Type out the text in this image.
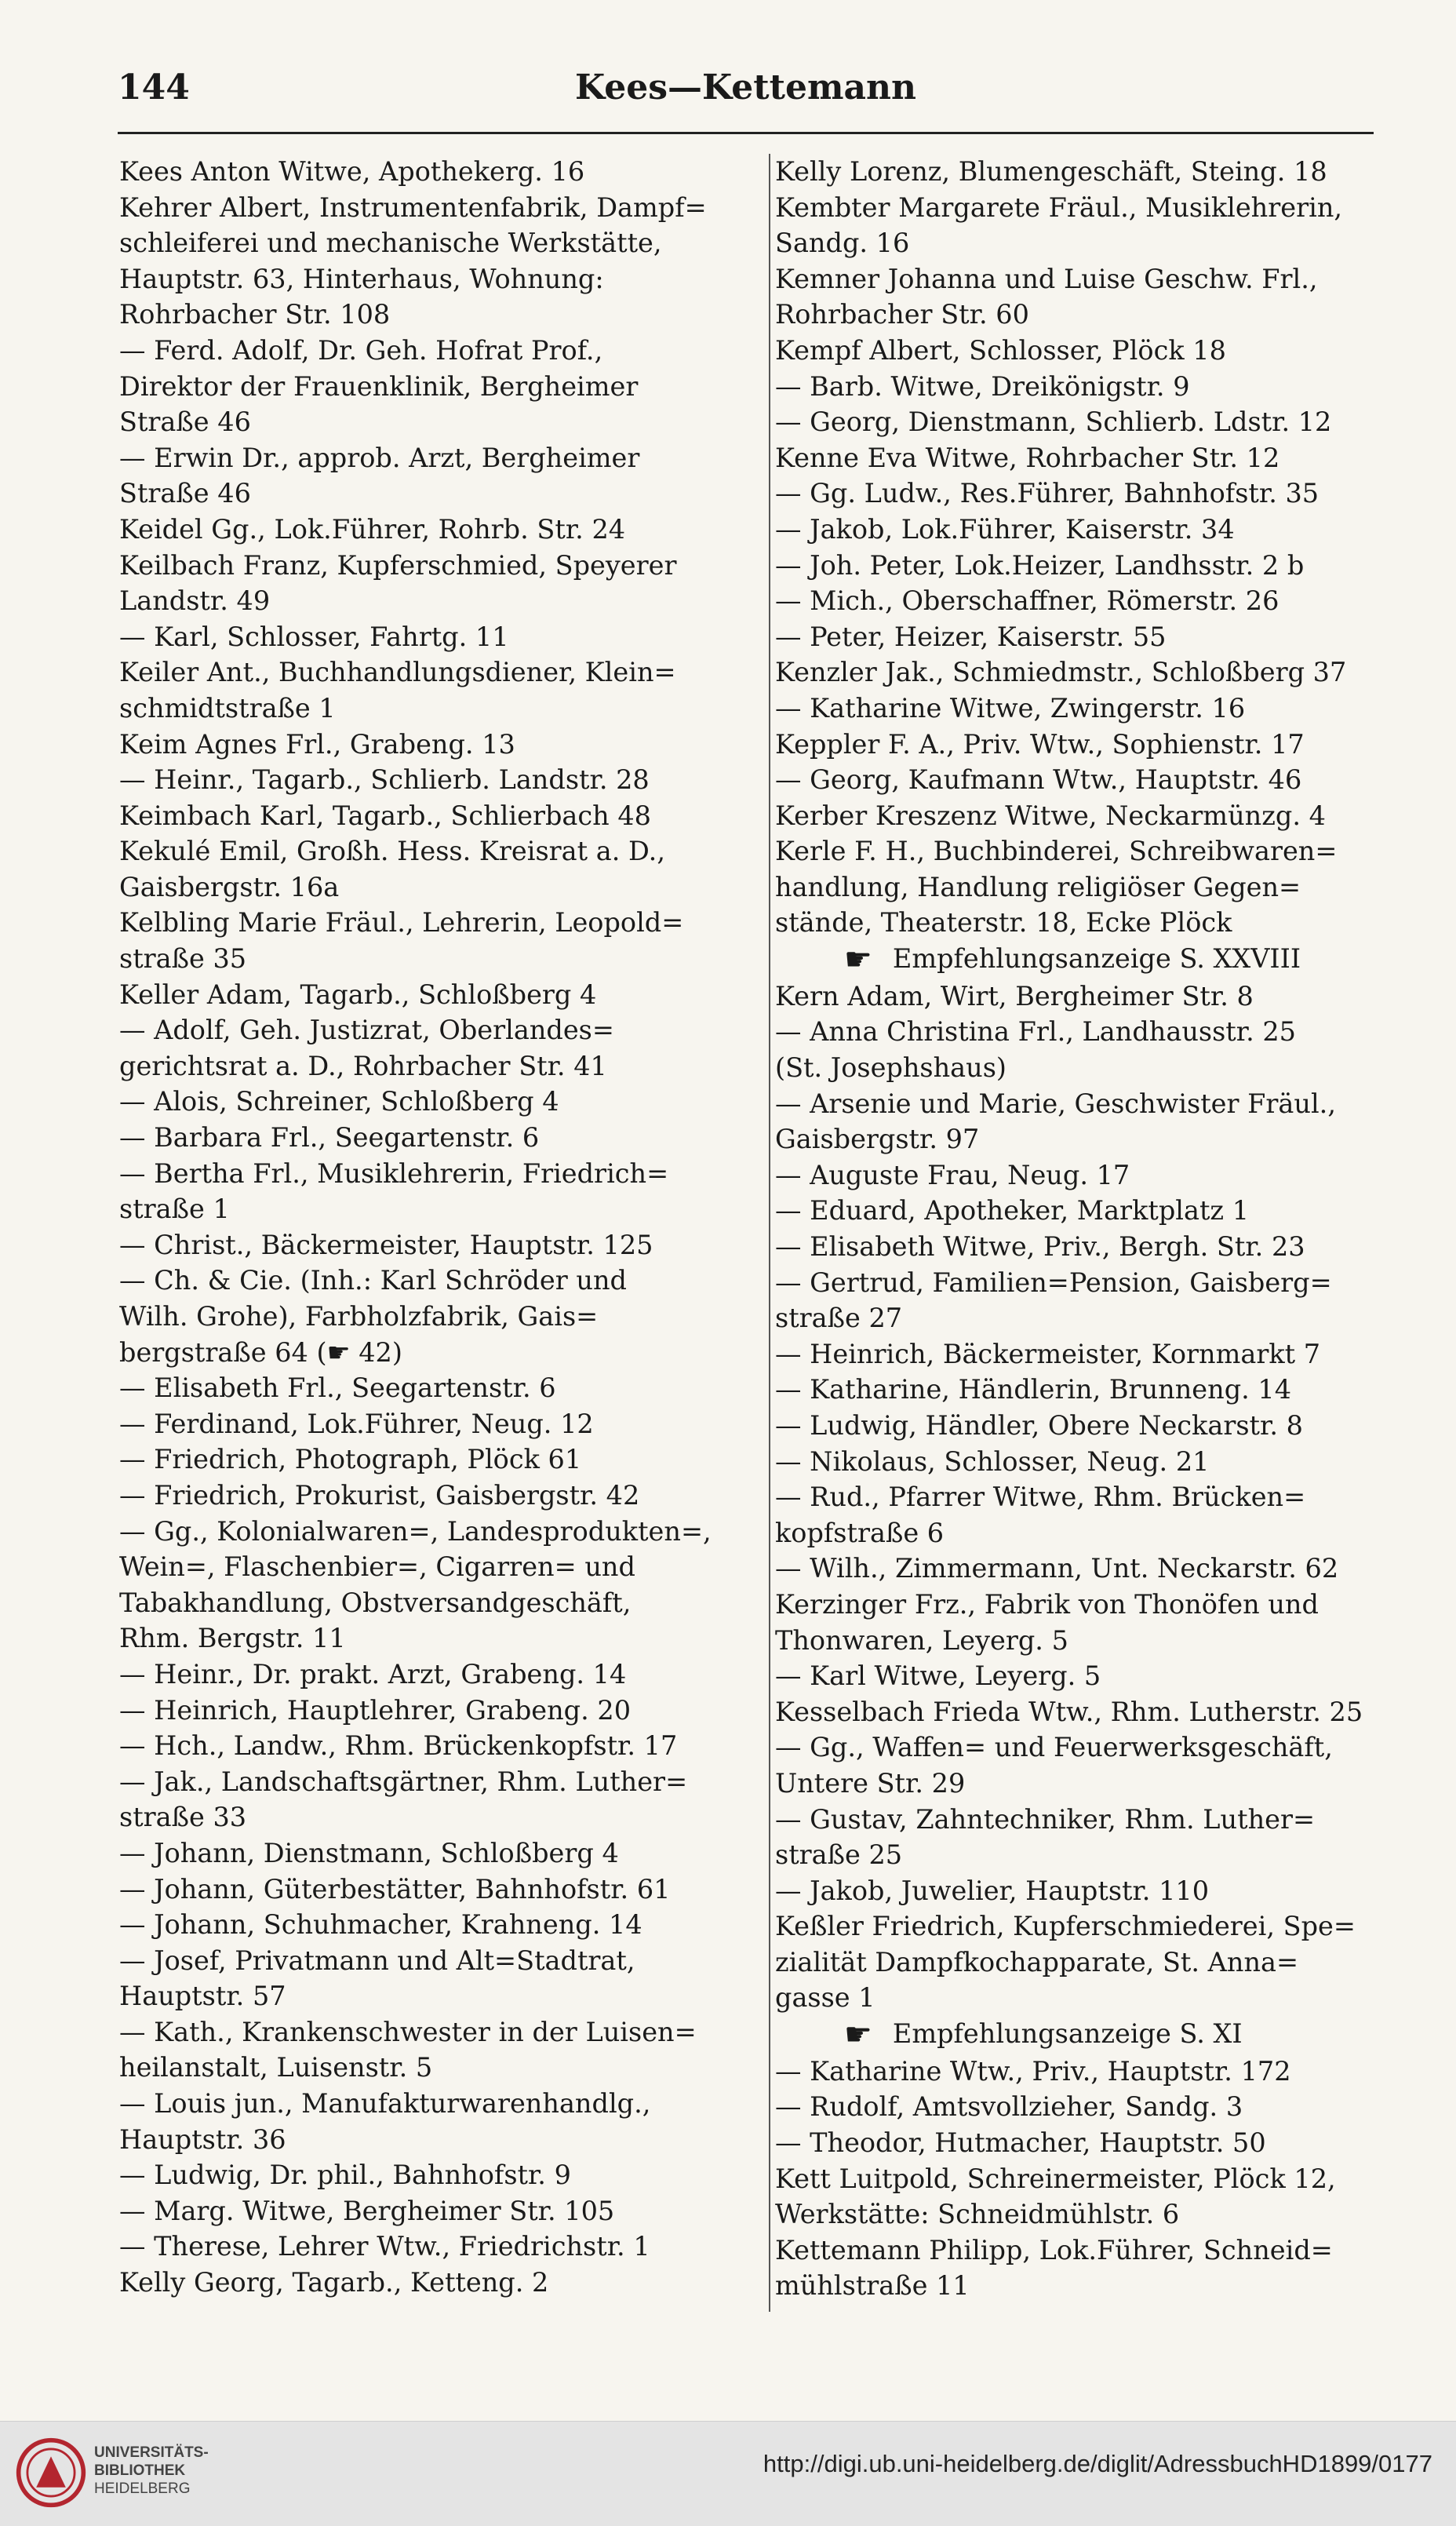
144	Kees—Kettemann
Kees Anton Witwe, Apothekerg. 16
Kehrer Albert, Instrumentenfabrik, Dampf=
schleiferei und mechanische Werkstätte,
Hauptstr. 63, Hinterhaus, Wohnung:
Rohrbacher Str. 108
— Ferd. Adolf, Dr. Geh. Hofrat Prof.,
Direktor der Frauenklinik, Bergheimer
Straße 46
— Erwin Dr., approb. Arzt, Bergheimer
Straße 46
Keidel Gg., Lok.Führer, Rohrb. Str. 24
Keilbach Franz, Kupferschmied, Speyerer
Landstr. 49
— Karl, Schlosser, Fahrtg. 11
Keiler Ant., Buchhandlungsdiener, Klein=
schmidtstraße 1
Keim Agnes Frl., Grabeng. 13
— Heinr., Tagarb., Schlierb. Landstr. 28
Keimbach Karl, Tagarb., Schlierbach 48
Kekulé Emil, Großh. Hess. Kreisrat a. D.,
Gaisbergstr. 16a
Kelbling Marie Fräul., Lehrerin, Leopold=
straße 35
Keller Adam, Tagarb., Schloßberg 4
— Adolf, Geh. Justizrat, Oberlandes=
gerichtsrat a. D., Rohrbacher Str. 41
— Alois, Schreiner, Schloßberg 4
— Barbara Frl., Seegartenstr. 6
— Bertha Frl., Musiklehrerin, Friedrich=
straße 1
— Christ., Bäckermeister, Hauptstr. 125
— Ch. & Cie. (Inh.: Karl Schröder und
Wilh. Grohe), Farbholzfabrik, Gais=
bergstraße 64 (☛ 42)
— Elisabeth Frl., Seegartenstr. 6
— Ferdinand, Lok.Führer, Neug. 12
— Friedrich, Photograph, Plöck 61
— Friedrich, Prokurist, Gaisbergstr. 42
— Gg., Kolonialwaren=, Landesprodukten=,
Wein=, Flaschenbier=, Cigarren= und
Tabakhandlung, Obstversandgeschäft,
Rhm. Bergstr. 11
— Heinr., Dr. prakt. Arzt, Grabeng. 14
— Heinrich, Hauptlehrer, Grabeng. 20
— Hch., Landw., Rhm. Brückenkopfstr. 17
— Jak., Landschaftsgärtner, Rhm. Luther=
straße 33
— Johann, Dienstmann, Schloßberg 4
— Johann, Güterbestätter, Bahnhofstr. 61
— Johann, Schuhmacher, Krahneng. 14
— Josef, Privatmann und Alt=Stadtrat,
Hauptstr. 57
— Kath., Krankenschwester in der Luisen=
heilanstalt, Luisenstr. 5
— Louis jun., Manufakturwarenhandlg.,
Hauptstr. 36
— Ludwig, Dr. phil., Bahnhofstr. 9
— Marg. Witwe, Bergheimer Str. 105
— Therese, Lehrer Wtw., Friedrichstr. 1
Kelly Georg, Tagarb., Ketteng. 2
Kelly Lorenz, Blumengeschäft, Steing. 18
Kembter Margarete Fräul., Musiklehrerin,
Sandg. 16
Kemner Johanna und Luise Geschw. Frl.,
Rohrbacher Str. 60
Kempf Albert, Schlosser, Plöck 18
— Barb. Witwe, Dreikönigstr. 9
— Georg, Dienstmann, Schlierb. Ldstr. 12
Kenne Eva Witwe, Rohrbacher Str. 12
— Gg. Ludw., Res.Führer, Bahnhofstr. 35
— Jakob, Lok.Führer, Kaiserstr. 34
— Joh. Peter, Lok.Heizer, Landhsstr. 2 b
— Mich., Oberschaffner, Römerstr. 26
— Peter, Heizer, Kaiserstr. 55
Kenzler Jak., Schmiedmstr., Schloßberg 37
— Katharine Witwe, Zwingerstr. 16
Keppler F. A., Priv. Wtw., Sophienstr. 17
— Georg, Kaufmann Wtw., Hauptstr. 46
Kerber Kreszenz Witwe, Neckarmünzg. 4
Kerle F. H., Buchbinderei, Schreibwaren=
handlung, Handlung religiöser Gegen=
stände, Theaterstr. 18, Ecke Plöck
☛ Empfehlungsanzeige S. XXVIII
Kern Adam, Wirt, Bergheimer Str. 8
— Anna Christina Frl., Landhausstr. 25
(St. Josephshaus)
— Arsenie und Marie, Geschwister Fräul.,
Gaisbergstr. 97
— Auguste Frau, Neug. 17
— Eduard, Apotheker, Marktplatz 1
— Elisabeth Witwe, Priv., Bergh. Str. 23
— Gertrud, Familien=Pension, Gaisberg=
straße 27
— Heinrich, Bäckermeister, Kornmarkt 7
— Katharine, Händlerin, Brunneng. 14
— Ludwig, Händler, Obere Neckarstr. 8
— Nikolaus, Schlosser, Neug. 21
— Rud., Pfarrer Witwe, Rhm. Brücken=
kopfstraße 6
— Wilh., Zimmermann, Unt. Neckarstr. 62
Kerzinger Frz., Fabrik von Thonöfen und
Thonwaren, Leyerg. 5
— Karl Witwe, Leyerg. 5
Kesselbach Frieda Wtw., Rhm. Lutherstr. 25
— Gg., Waffen= und Feuerwerksgeschäft,
Untere Str. 29
— Gustav, Zahntechniker, Rhm. Luther=
straße 25
— Jakob, Juwelier, Hauptstr. 110
Keßler Friedrich, Kupferschmiederei, Spe=
zialität Dampfkochapparate, St. Anna=
gasse 1
☛ Empfehlungsanzeige S. XI
— Katharine Wtw., Priv., Hauptstr. 172
— Rudolf, Amtsvollzieher, Sandg. 3
— Theodor, Hutmacher, Hauptstr. 50
Kett Luitpold, Schreinermeister, Plöck 12,
Werkstätte: Schneidmühlstr. 6
Kettemann Philipp, Lok.Führer, Schneid=
mühlstraße 11
UNIVERSITÄTS-
BIBLIOTHEK
HEIDELBERG
http://digi.ub.uni-heidelberg.de/diglit/AdressbuchHD1899/0177
